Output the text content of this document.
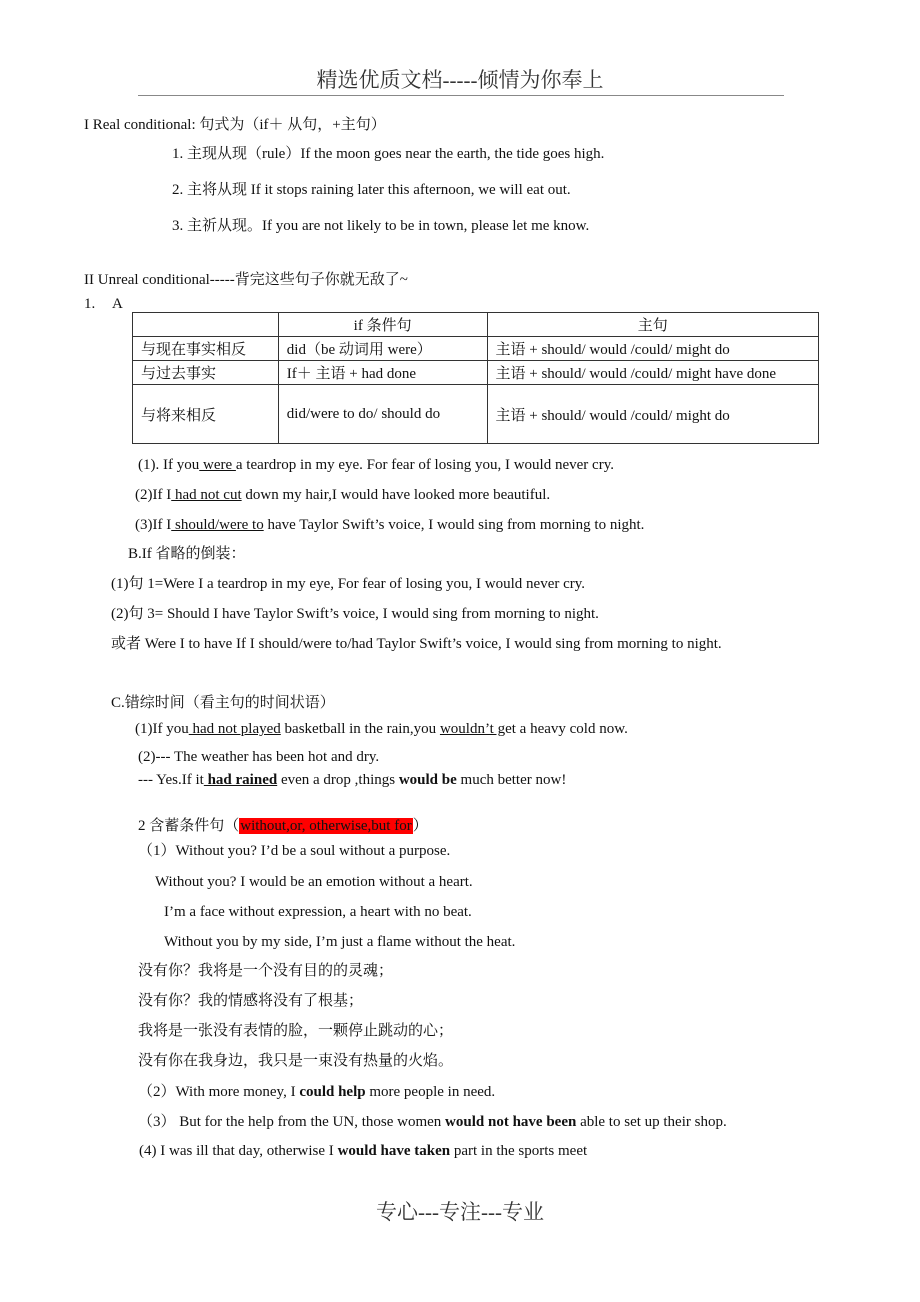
精选优质文档-----倾情为你奉上
I Real conditional: 句式为（if＋ 从句，+主句）
1. 主现从现（rule）If the moon goes near the earth, the tide goes high.
2. 主将从现 If it stops raining later this afternoon, we will eat out.
3. 主祈从现。If you are not likely to be in town, please let me know.
II Unreal conditional-----背完这些句子你就无敌了~
1. A
	if 条件句	主句
与现在事实相反	did（be 动词用 were）	主语 + should/ would /could/ might do
与过去事实	If＋ 主语 + had done	主语 + should/ would /could/ might have done
与将来相反	did/were to do/ should do	主语 + should/ would /could/ might do
(1). If you were a teardrop in my eye. For fear of losing you, I would never cry.
(2)If I had not cut down my hair,I would have looked more beautiful.
(3)If I should/were to have Taylor Swift’s voice, I would sing from morning to night.
B.If 省略的倒装：
(1)句 1=Were I a teardrop in my eye, For fear of losing you, I would never cry.
(2)句 3= Should I have Taylor Swift’s voice, I would sing from morning to night.
或者 Were I to have If I should/were to/had Taylor Swift’s voice, I would sing from morning to night.
C.错综时间（看主句的时间状语）
(1)If you had not played basketball in the rain,you wouldn’t get a heavy cold now.
(2)--- The weather has been hot and dry.
--- Yes.If it had rained even a drop ,things would be much better now!
2 含蓄条件句（without,or, otherwise,but for）
（1）Without you? I’d be a soul without a purpose.
Without you? I would be an emotion without a heart.
I’m a face without expression, a heart with no beat.
Without you by my side, I’m just a flame without the heat.
没有你？我将是一个没有目的的灵魂；
没有你？我的情感将没有了根基；
我将是一张没有表情的脸，一颗停止跳动的心；
没有你在我身边，我只是一束没有热量的火焰。
（2）With more money, I could help more people in need.
（3） But for the help from the UN, those women would not have been able to set up their shop.
(4) I was ill that day, otherwise I would have taken part in the sports meet
专心---专注---专业
